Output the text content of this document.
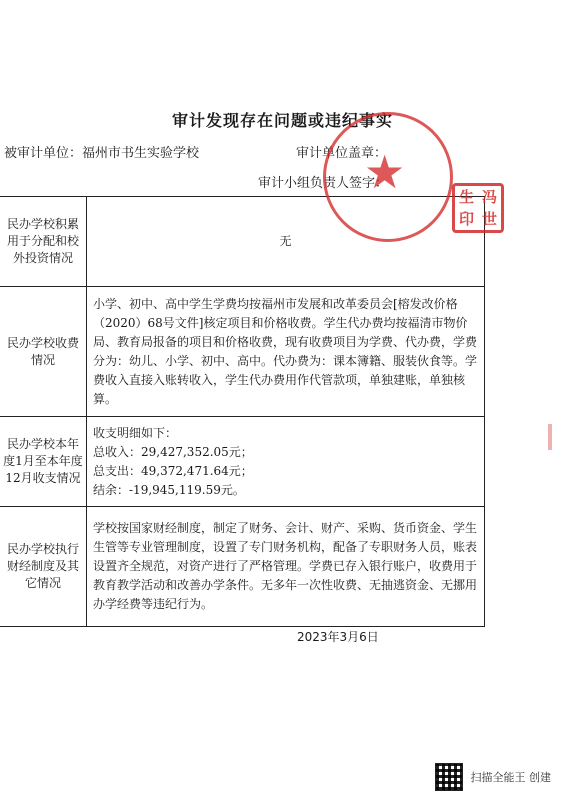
审计发现存在问题或违纪事实
被审计单位：福州市书生实验学校	审计单位盖章：
审计小组负责人签字：
民办学校积累用于分配和校外投资情况	无
民办学校收费情况	小学、初中、高中学生学费均按福州市发展和改革委员会[榕发改价格（2020）68号文件]核定项目和价格收费。学生代办费均按福清市物价局、教育局报备的项目和价格收费，现有收费项目为学费、代办费，学费分为：幼儿、小学、初中、高中。代办费为：课本簿籍、服装伙食等。学费收入直接入账转收入，学生代办费用作代管款项，单独建账，单独核算。
民办学校本年度1月至本年度12月收支情况	收支明细如下：
总收入：29,427,352.05元；
总支出：49,372,471.64元；
结余：-19,945,119.59元。

民办学校执行财经制度及其它情况	学校按国家财经制度，制定了财务、会计、财产、采购、货币资金、学生生管等专业管理制度，设置了专门财务机构，配备了专职财务人员，账表设置齐全规范，对资产进行了严格管理。学费已存入银行账户，收费用于教育教学活动和改善办学条件。无多年一次性收费、无抽逃资金、无挪用办学经费等违纪行为。
2023年3月6日
★	生 冯
印 世
扫描全能王 创建
